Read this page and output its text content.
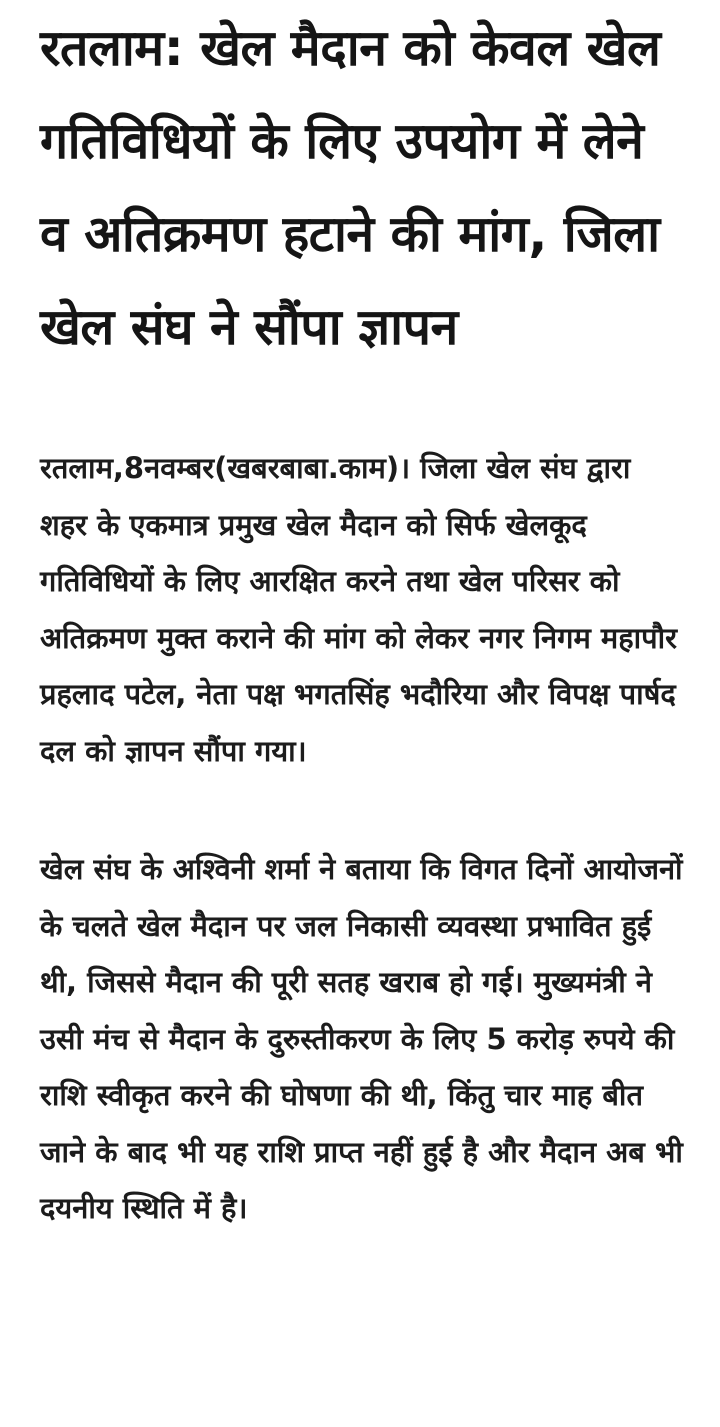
रतलाम: खेल मैदान को केवल खेल गतिविधियों के लिए उपयोग में लेने व अतिक्रमण हटाने की मांग, जिला खेल संघ ने सौंपा ज्ञापन

रतलाम,8नवम्बर(खबरबाबा.काम)। जिला खेल संघ द्वारा शहर के एकमात्र प्रमुख खेल मैदान को सिर्फ खेलकूद गतिविधियों के लिए आरक्षित करने तथा खेल परिसर को अतिक्रमण मुक्त कराने की मांग को लेकर नगर निगम महापौर प्रहलाद पटेल, नेता पक्ष भगतसिंह भदौरिया और विपक्ष पार्षद दल को ज्ञापन सौंपा गया।

खेल संघ के अश्विनी शर्मा ने बताया कि विगत दिनों आयोजनों के चलते खेल मैदान पर जल निकासी व्यवस्था प्रभावित हुई थी, जिससे मैदान की पूरी सतह खराब हो गई। मुख्यमंत्री ने उसी मंच से मैदान के दुरुस्तीकरण के लिए 5 करोड़ रुपये की राशि स्वीकृत करने की घोषणा की थी, किंतु चार माह बीत जाने के बाद भी यह राशि प्राप्त नहीं हुई है और मैदान अब भी दयनीय स्थिति में है।
